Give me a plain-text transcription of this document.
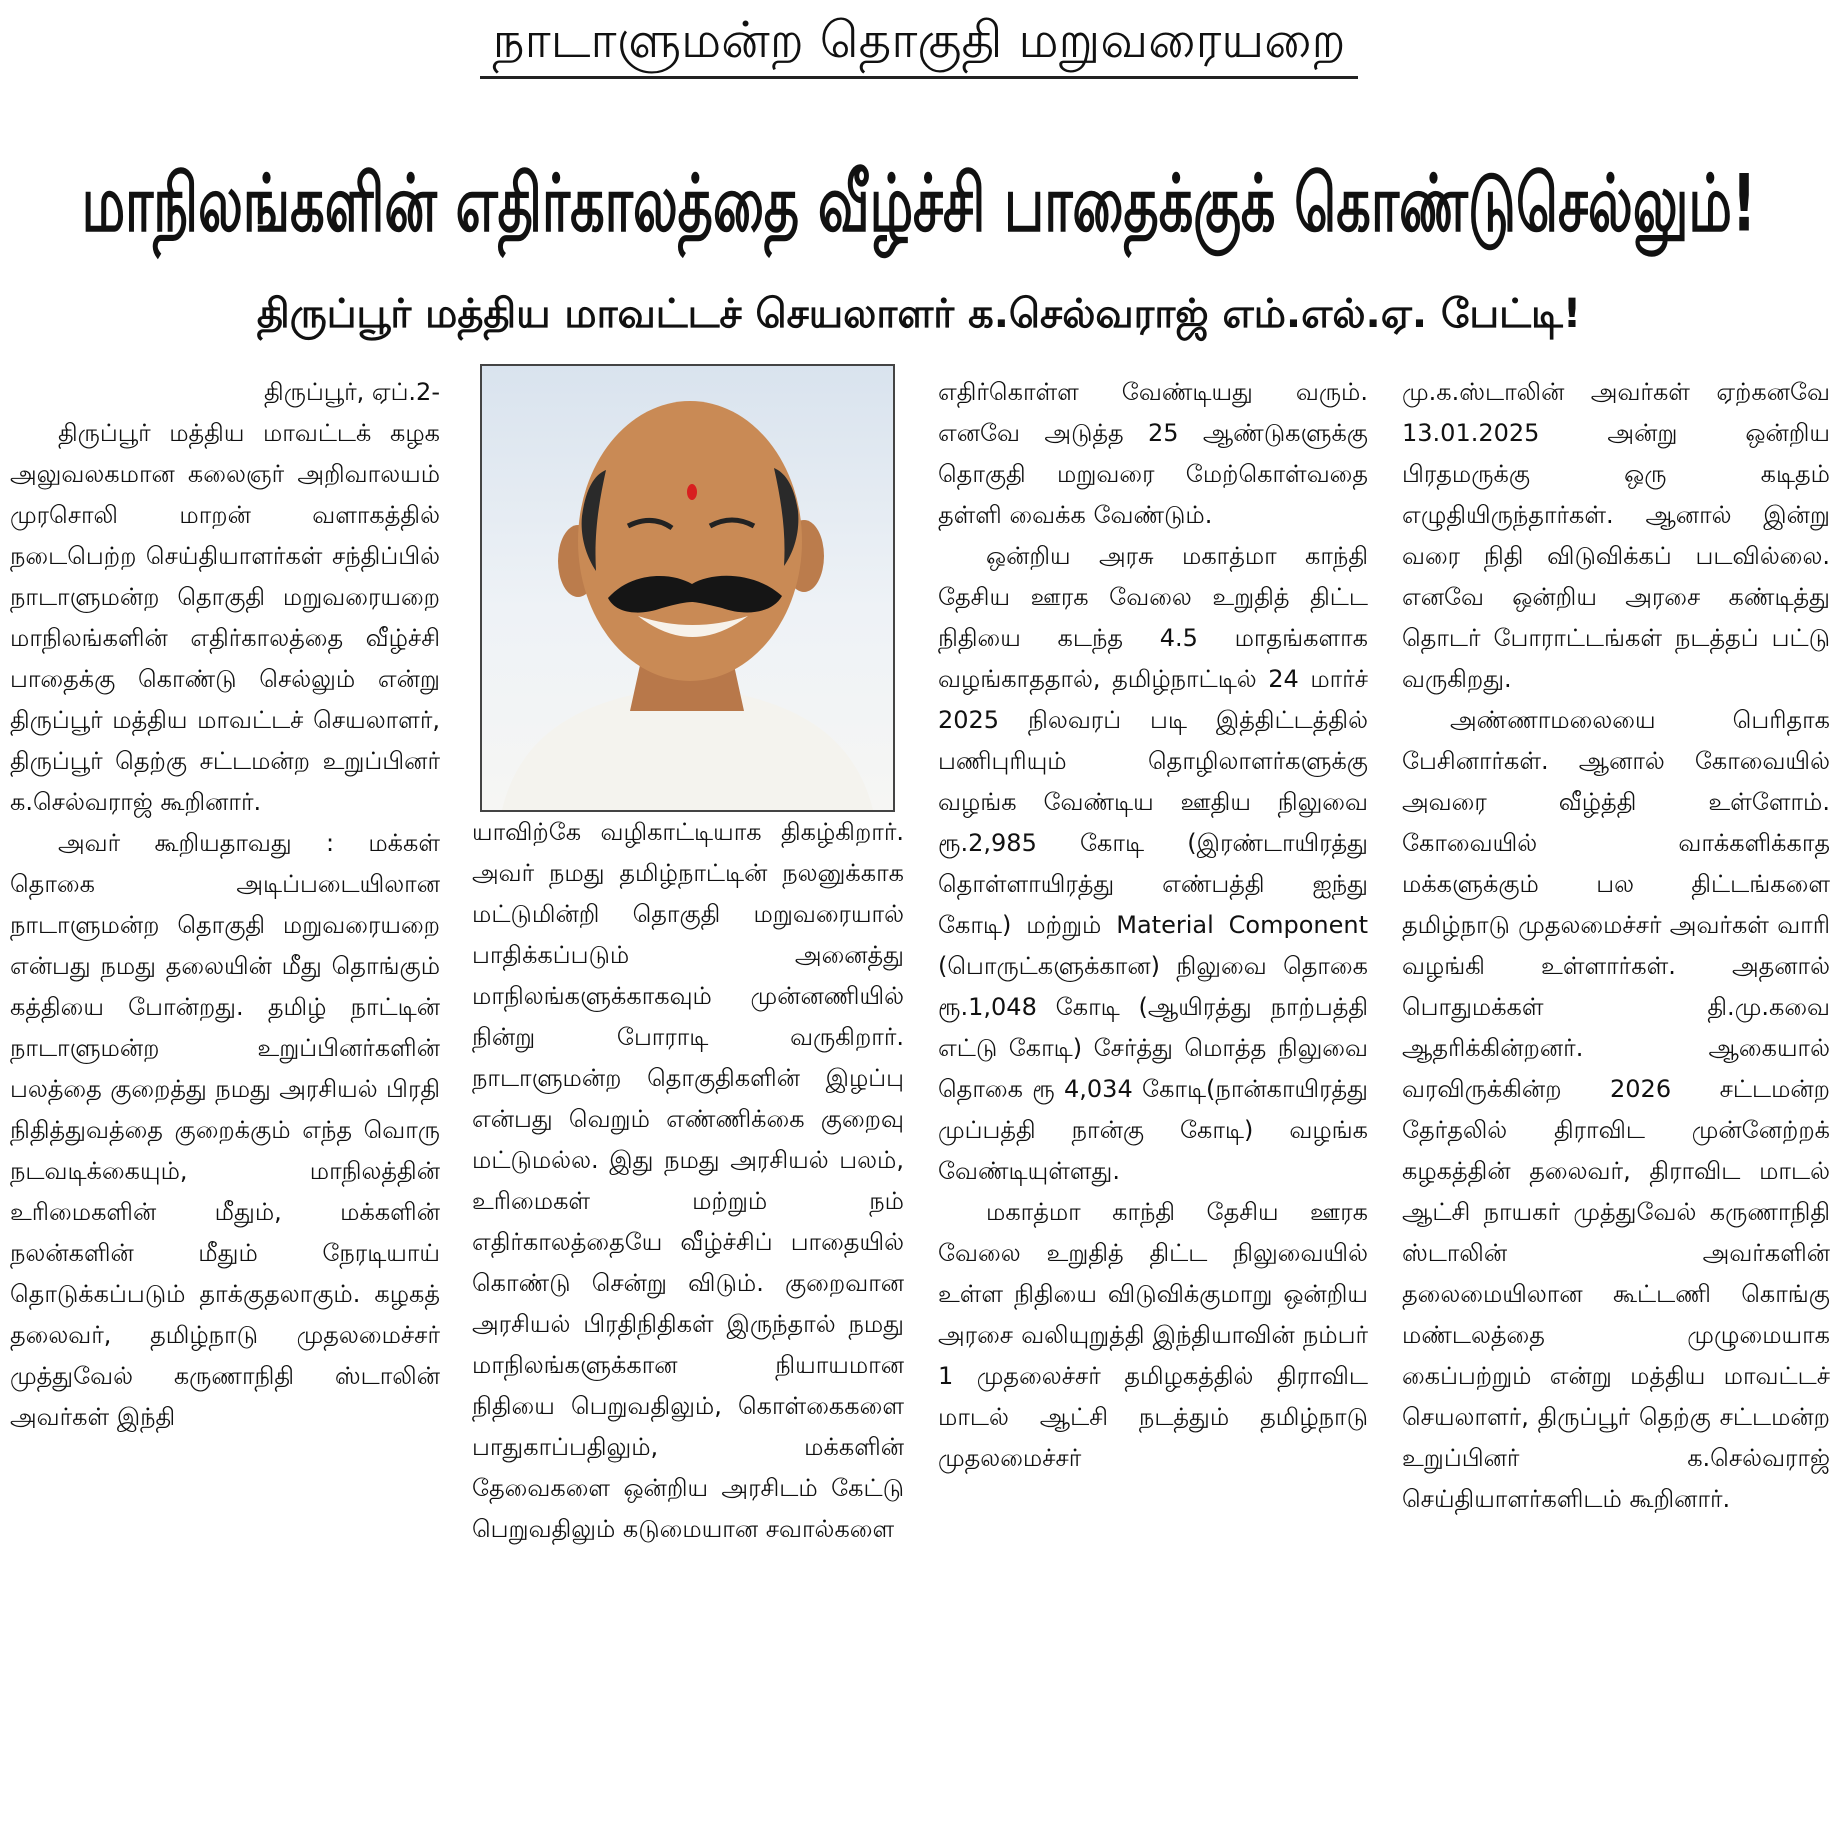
நாடாளுமன்ற தொகுதி மறுவரையறை
மாநிலங்களின் எதிர்காலத்தை வீழ்ச்சி பாதைக்குக் கொண்டுசெல்லும்!
திருப்பூர் மத்திய மாவட்டச் செயலாளர் க.செல்வராஜ் எம்.எல்.ஏ. பேட்டி!

திருப்பூர், ஏப்.2-

திருப்பூர் மத்திய மாவட்டக் கழக அலுவலகமான கலைஞர் அறிவாலயம் முரசொலி மாறன் வளாகத்தில் நடைபெற்ற செய்தியாளர்கள் சந்திப்பில் நாடாளுமன்ற தொகுதி மறுவரையறை மாநிலங்களின் எதிர்காலத்தை வீழ்ச்சி பாதைக்கு கொண்டு செல்லும் என்று திருப்பூர் மத்திய மாவட்டச் செயலாளர், திருப்பூர் தெற்கு சட்டமன்ற உறுப்பினர் க.செல்வராஜ் கூறினார்.

அவர் கூறியதாவது : மக்கள் தொகை அடிப்படையிலான நாடாளுமன்ற தொகுதி மறுவரையறை என்பது நமது தலையின் மீது தொங்கும் கத்தியை போன்றது. தமிழ் நாட்டின் நாடாளுமன்ற உறுப்பினர்களின் பலத்தை குறைத்து நமது அரசியல் பிரதி நிதித்துவத்தை குறைக்கும் எந்த வொரு நடவடிக்கையும், மாநிலத்தின் உரிமைகளின் மீதும், மக்களின் நலன்களின் மீதும் நேரடியாய் தொடுக்கப்படும் தாக்குதலாகும். கழகத் தலைவர், தமிழ்நாடு முதலமைச்சர் முத்துவேல் கருணாநிதி ஸ்டாலின் அவர்கள் இந்தி

யாவிற்கே வழிகாட்டியாக திகழ்கிறார். அவர் நமது தமிழ்நாட்டின் நலனுக்காக மட்டுமின்றி தொகுதி மறுவரையால் பாதிக்கப்படும் அனைத்து மாநிலங்களுக்காகவும் முன்னணியில் நின்று போராடி வருகிறார். நாடாளுமன்ற தொகுதிகளின் இழப்பு என்பது வெறும் எண்ணிக்கை குறைவு மட்டுமல்ல. இது நமது அரசியல் பலம், உரிமைகள் மற்றும் நம் எதிர்காலத்தையே வீழ்ச்சிப் பாதையில் கொண்டு சென்று விடும். குறைவான அரசியல் பிரதிநிதிகள் இருந்தால் நமது மாநிலங்களுக்கான நியாயமான நிதியை பெறுவதிலும், கொள்கைகளை பாதுகாப்பதிலும், மக்களின் தேவைகளை ஒன்றிய அரசிடம் கேட்டு பெறுவதிலும் கடுமையான சவால்களை

எதிர்கொள்ள வேண்டியது வரும். எனவே அடுத்த 25 ஆண்டுகளுக்கு தொகுதி மறுவரை மேற்கொள்வதை தள்ளி வைக்க வேண்டும்.

ஒன்றிய அரசு மகாத்மா காந்தி தேசிய ஊரக வேலை உறுதித் திட்ட நிதியை கடந்த 4.5 மாதங்களாக வழங்காததால், தமிழ்நாட்டில் 24 மார்ச் 2025 நிலவரப் படி இத்திட்டத்தில் பணிபுரியும் தொழிலாளர்களுக்கு வழங்க வேண்டிய ஊதிய நிலுவை ரூ.2,985 கோடி (இரண்டாயிரத்து தொள்ளாயிரத்து எண்பத்தி ஐந்து கோடி) மற்றும் Material Component (பொருட்களுக்கான) நிலுவை தொகை ரூ.1,048 கோடி (ஆயிரத்து நாற்பத்தி எட்டு கோடி) சேர்த்து மொத்த நிலுவை தொகை ரூ 4,034 கோடி(நான்காயிரத்து முப்பத்தி நான்கு கோடி) வழங்க வேண்டியுள்ளது.

மகாத்மா காந்தி தேசிய ஊரக வேலை உறுதித் திட்ட நிலுவையில் உள்ள நிதியை விடுவிக்குமாறு ஒன்றிய அரசை வலியுறுத்தி இந்தியாவின் நம்பர் 1 முதலைச்சர் தமிழகத்தில் திராவிட மாடல் ஆட்சி நடத்தும் தமிழ்நாடு முதலமைச்சர்

மு.க.ஸ்டாலின் அவர்கள் ஏற்கனவே 13.01.2025 அன்று ஒன்றிய பிரதமருக்கு ஒரு கடிதம் எழுதியிருந்தார்கள். ஆனால் இன்று வரை நிதி விடுவிக்கப் படவில்லை. எனவே ஒன்றிய அரசை கண்டித்து தொடர் போராட்டங்கள் நடத்தப் பட்டு வருகிறது.

அண்ணாமலையை பெரிதாக பேசினார்கள். ஆனால் கோவையில் அவரை வீழ்த்தி உள்ளோம். கோவையில் வாக்களிக்காத மக்களுக்கும் பல திட்டங்களை தமிழ்நாடு முதலமைச்சர் அவர்கள் வாரி வழங்கி உள்ளார்கள். அதனால் பொதுமக்கள் தி.மு.கவை ஆதரிக்கின்றனர். ஆகையால் வரவிருக்கின்ற 2026 சட்டமன்ற தேர்தலில் திராவிட முன்னேற்றக் கழகத்தின் தலைவர், திராவிட மாடல் ஆட்சி நாயகர் முத்துவேல் கருணாநிதி ஸ்டாலின் அவர்களின் தலைமையிலான கூட்டணி கொங்கு மண்டலத்தை முழுமையாக கைப்பற்றும் என்று மத்திய மாவட்டச் செயலாளர், திருப்பூர் தெற்கு சட்டமன்ற உறுப்பினர் க.செல்வராஜ் செய்தியாளர்களிடம் கூறினார்.
